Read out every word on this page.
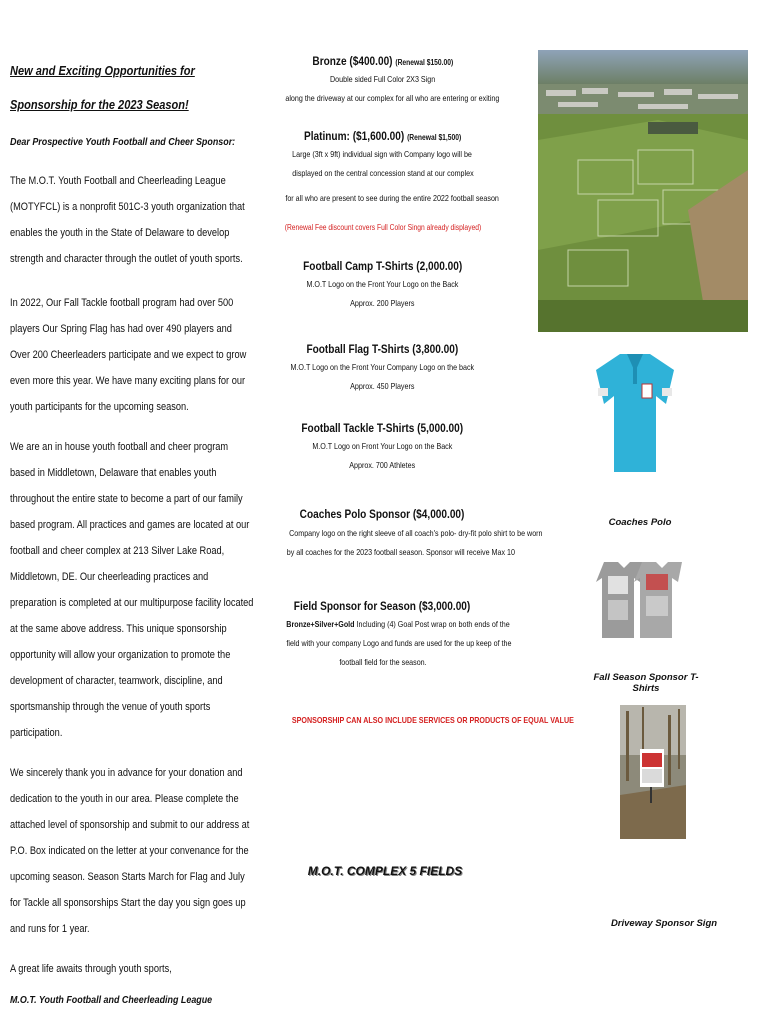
New and Exciting Opportunities for Sponsorship for the 2023 Season!

Dear Prospective Youth Football and Cheer Sponsor:

The M.O.T. Youth Football and Cheerleading League (MOTYFCL) is a nonprofit 501C-3 youth organization that enables the youth in the State of Delaware to develop strength and character through the outlet of youth sports.

In 2022, Our Fall Tackle football program had over 500 players Our Spring Flag has had over 490 players and Over 200 Cheerleaders participate and we expect to grow even more this year. We have many exciting plans for our youth participants for the upcoming season.

We are an in house youth football and cheer program based in Middletown, Delaware that enables youth throughout the entire state to become a part of our family based program. All practices and games are located at our football and cheer complex at 213 Silver Lake Road, Middletown, DE. Our cheerleading practices and preparation is completed at our multipurpose facility located at the same above address. This unique sponsorship opportunity will allow your organization to promote the development of character, teamwork, discipline, and sportsmanship through the venue of youth sports participation.

We sincerely thank you in advance for your donation and dedication to the youth in our area. Please complete the attached level of sponsorship and submit to our address at P.O. Box indicated on the letter at your convenance for the upcoming season. Season Starts March for Flag and July for Tackle all sponsorships Start the day you sign goes up and runs for 1 year.

A great life awaits through youth sports,

M.O.T. Youth Football and Cheerleading League
Bronze ($400.00) (Renewal $150.00)
Double sided Full Color 2X3 Sign
along the driveway at our complex for all who are entering or exiting
Platinum: ($1,600.00) (Renewal $1,500)
Large (3ft x 9ft) individual sign with Company logo will be
displayed on the central concession stand at our complex
for all who are present to see during the entire 2022 football season
(Renewal Fee discount covers Full Color Singn already displayed)
Football Camp T-Shirts (2,000.00)
M.O.T Logo on the Front Your Logo on the Back
Approx. 200 Players
Football Flag T-Shirts (3,800.00)
M.O.T Logo on the Front Your Company Logo on the back
Approx. 450 Players
Football Tackle T-Shirts (5,000.00)
M.O.T Logo on Front Your Logo on the Back
Approx. 700 Athletes
Coaches Polo Sponsor ($4,000.00)
Company logo on the right sleeve of all coach's polo- dry-fit polo shirt to be worn
by all coaches for the 2023 football season. Sponsor will receive Max 10
Field Sponsor for Season ($3,000.00)
Bronze+Silver+Gold Including (4) Goal Post wrap on both ends of the
field with your company Logo and funds are used for the up keep of the
football field for the season.
SPONSORSHIP CAN ALSO INCLUDE SERVICES OR PRODUCTS OF EQUAL VALUE
M.O.T. COMPLEX 5 FIELDS
Coaches Polo
Fall Season Sponsor T-Shirts
Driveway Sponsor Sign
